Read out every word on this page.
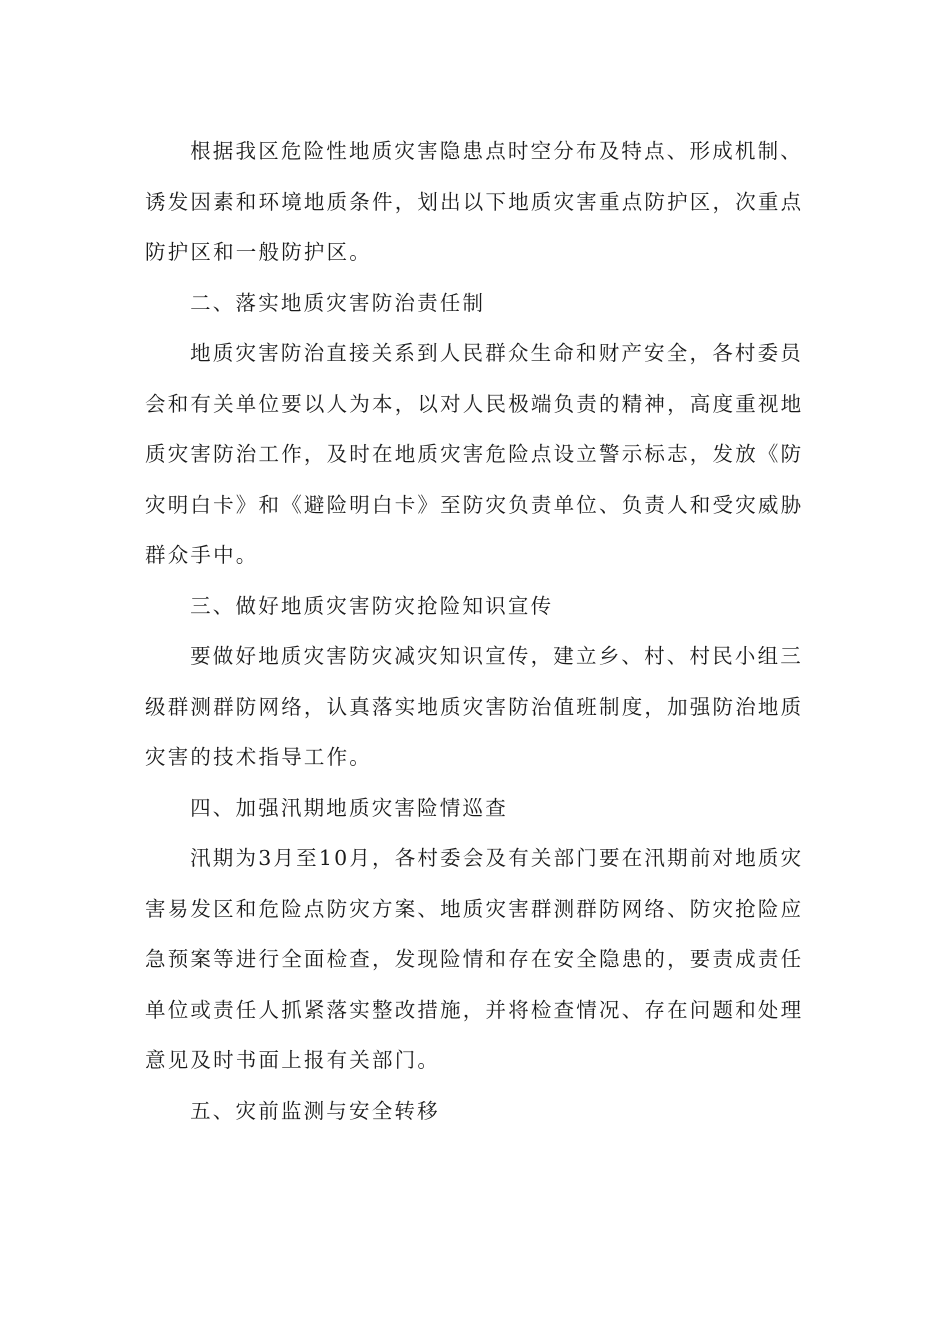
根据我区危险性地质灾害隐患点时空分布及特点、形成机制、
诱发因素和环境地质条件，划出以下地质灾害重点防护区，次重点
防护区和一般防护区。
二、落实地质灾害防治责任制
地质灾害防治直接关系到人民群众生命和财产安全，各村委员
会和有关单位要以人为本，以对人民极端负责的精神，高度重视地
质灾害防治工作，及时在地质灾害危险点设立警示标志，发放《防
灾明白卡》和《避险明白卡》至防灾负责单位、负责人和受灾威胁
群众手中。
三、做好地质灾害防灾抢险知识宣传
要做好地质灾害防灾减灾知识宣传，建立乡、村、村民小组三
级群测群防网络，认真落实地质灾害防治值班制度，加强防治地质
灾害的技术指导工作。
四、加强汛期地质灾害险情巡查
汛期为3月至10月，各村委会及有关部门要在汛期前对地质灾
害易发区和危险点防灾方案、地质灾害群测群防网络、防灾抢险应
急预案等进行全面检查，发现险情和存在安全隐患的，要责成责任
单位或责任人抓紧落实整改措施，并将检查情况、存在问题和处理
意见及时书面上报有关部门。
五、灾前监测与安全转移
